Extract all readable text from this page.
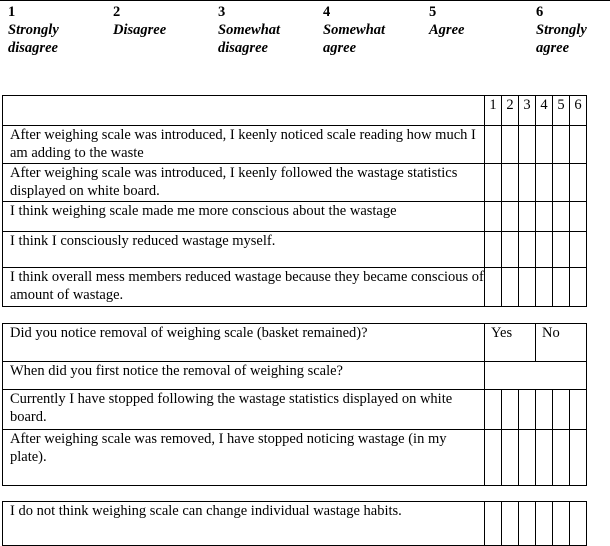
1
Strongly
disagree
2
Disagree
3
Somewhat
disagree
4
Somewhat
agree
5
Agree
6
Strongly
agree
	1	2	3	4	5	6
After weighing scale was introduced, I keenly noticed scale reading how much I am adding to the waste						
After weighing scale was introduced, I keenly followed the wastage statistics displayed on white board.						
I think weighing scale made me more conscious about the wastage						
I think I consciously reduced wastage myself.						
I think overall mess members reduced wastage because they became conscious of amount of wastage.						
Did you notice removal of weighing scale (basket remained)?	Yes			No		
When did you first notice the removal of weighing scale?						
Currently I have stopped following the wastage statistics displayed on white board.						
After weighing scale was removed, I have stopped noticing wastage (in my plate).						
I do not think weighing scale can change individual wastage habits.						
